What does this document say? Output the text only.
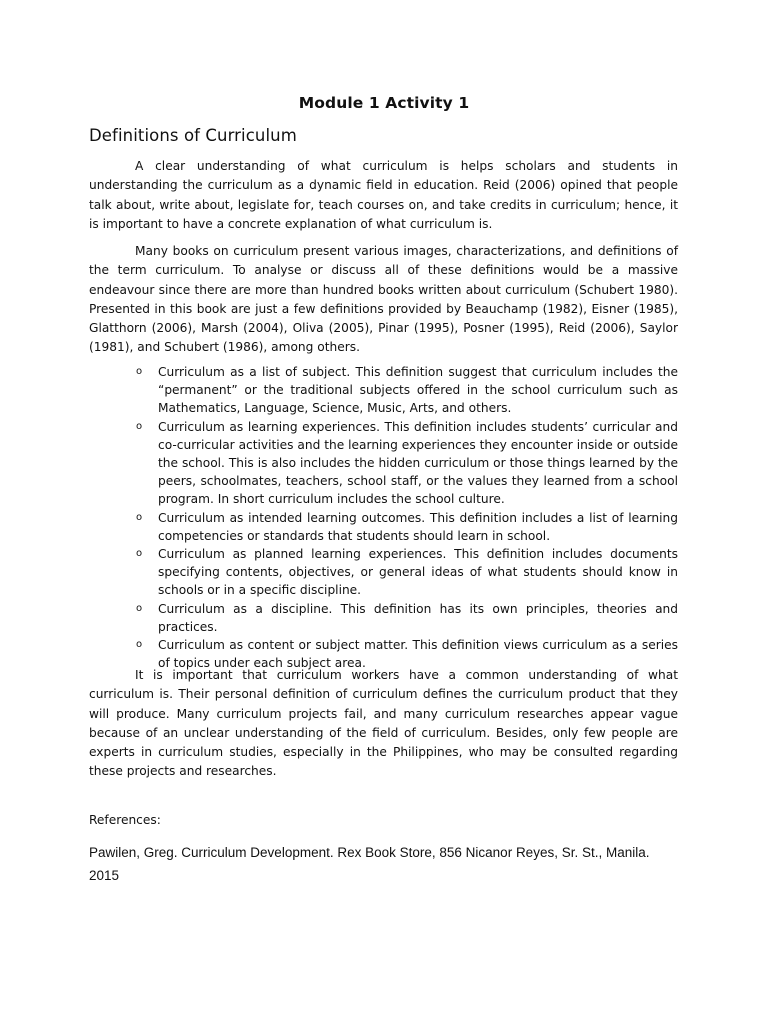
Module 1 Activity 1
Definitions of Curriculum

A clear understanding of what curriculum is helps scholars and students in understanding the curriculum as a dynamic field in education. Reid (2006) opined that people talk about, write about, legislate for, teach courses on, and take credits in curriculum; hence, it is important to have a concrete explanation of what curriculum is.

Many books on curriculum present various images, characterizations, and definitions of the term curriculum. To analyse or discuss all of these definitions would be a massive endeavour since there are more than hundred books written about curriculum (Schubert 1980). Presented in this book are just a few definitions provided by Beauchamp (1982), Eisner (1985), Glatthorn (2006), Marsh (2004), Oliva (2005), Pinar (1995), Posner (1995), Reid (2006), Saylor (1981), and Schubert (1986), among others.

o	Curriculum as a list of subject. This definition suggest that curriculum includes the “permanent” or the traditional subjects offered in the school curriculum such as Mathematics, Language, Science, Music, Arts, and others.
o	Curriculum as learning experiences. This definition includes students’ curricular and co-curricular activities and the learning experiences they encounter inside or outside the school. This is also includes the hidden curriculum or those things learned by the peers, schoolmates, teachers, school staff, or the values they learned from a school program. In short curriculum includes the school culture.
o	Curriculum as intended learning outcomes. This definition includes a list of learning competencies or standards that students should learn in school.
o	Curriculum as planned learning experiences. This definition includes documents specifying contents, objectives, or general ideas of what students should know in schools or in a specific discipline.
o	Curriculum as a discipline. This definition has its own principles, theories and practices.
o	Curriculum as content or subject matter. This definition views curriculum as a series of topics under each subject area.

It is important that curriculum workers have a common understanding of what curriculum is. Their personal definition of curriculum defines the curriculum product that they will produce. Many curriculum projects fail, and many curriculum researches appear vague because of an unclear understanding of the field of curriculum. Besides, only few people are experts in curriculum studies, especially in the Philippines, who may be consulted regarding these projects and researches.

References:

Pawilen, Greg. Curriculum Development. Rex Book Store, 856 Nicanor Reyes, Sr. St., Manila. 2015
